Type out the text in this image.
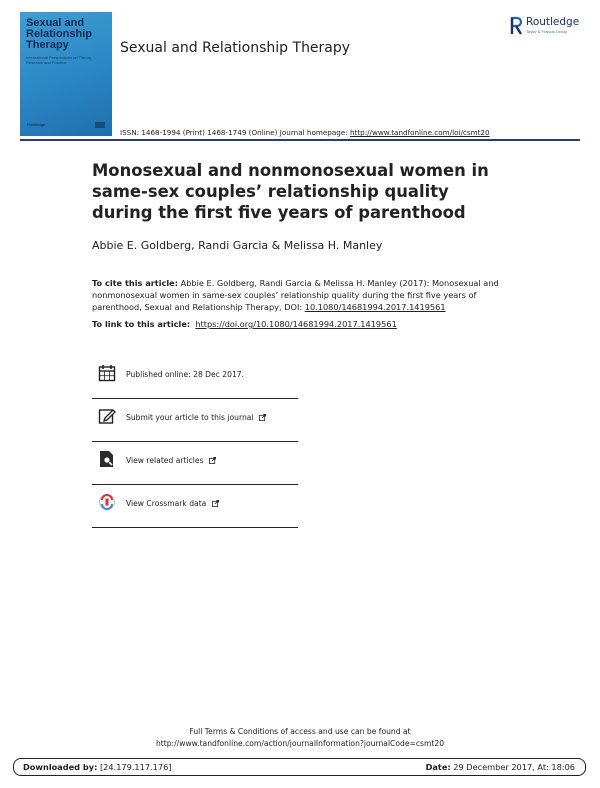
Sexual and Relationship Therapy
International Perspectives on Theory, Research and Practice
Routledge
Sexual and Relationship Therapy
Routledge
Taylor & Francis Group
ISSN: 1468-1994 (Print) 1468-1749 (Online) Journal homepage: http://www.tandfonline.com/loi/csmt20
Monosexual and nonmonosexual women in same-sex couples’ relationship quality during the first five years of parenthood
Abbie E. Goldberg, Randi Garcia & Melissa H. Manley
To cite this article: Abbie E. Goldberg, Randi Garcia & Melissa H. Manley (2017): Monosexual and nonmonosexual women in same-sex couples’ relationship quality during the first five years of parenthood, Sexual and Relationship Therapy, DOI: 10.1080/14681994.2017.1419561
To link to this article: https://doi.org/10.1080/14681994.2017.1419561
Published online: 28 Dec 2017.
Submit your article to this journal
View related articles
View Crossmark data
Full Terms & Conditions of access and use can be found at
http://www.tandfonline.com/action/journalInformation?journalCode=csmt20
Downloaded by: [24.179.117.176]	Date: 29 December 2017, At: 18:06
